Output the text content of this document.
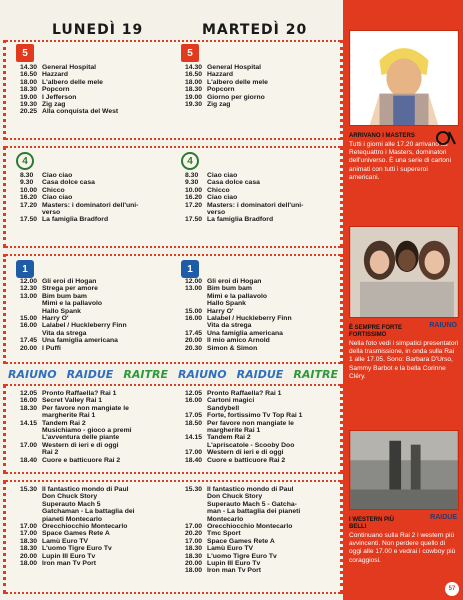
LUNEDÌ 19	MARTEDÌ 20
5	5
14.30 General Hospital
16.50 Hazzard
18.00 L'albero delle mele
18.30 Popcorn
19.00 I Jefferson
19.30 Zig zag
20.25 Alla conquista del West
14.30 General Hospital
16.50 Hazzard
18.00 L'albero delle mele
18.30 Popcorn
19.00 Giorno per giorno
19.30 Zig zag
4	4
8.30	Ciao ciao
9.30	Casa dolce casa
10.00 Chicco
16.20 Ciao ciao
17.20 Masters: i dominatori dell'uni-
verso
17.50 La famiglia Bradford
8.30	Ciao ciao
9.30	Casa dolce casa
10.00 Chicco
16.20 Ciao ciao
17.20 Masters: i dominatori dell'uni-
verso
17.50 La famiglia Bradford
1	1
12.00 Gli eroi di Hogan
12.30 Strega per amore
13.00 Bim bum bam
Mimì e la pallavolo
Hallo Spank
15.00 Harry O'
16.00 Lalabel / Huckleberry Finn
Vita da strega
17.45 Una famiglia americana
20.00 I Puffi
12.00 Gli eroi di Hogan
13.00 Bim bum bam
Mimì e la pallavolo
Hallo Spank
15.00 Harry O'
16.00 Lalabel / Huckleberry Finn
Vita da strega
17.45 Una famiglia americana
20.00 Il mio amico Arnold
20.30 Simon & Simon
RAIUNO RAIDUE RAITRE RAIUNO RAIDUE RAITRE
12.05 Pronto Raffaella? Rai 1
16.00 Secret Valley Rai 1
18.30 Per favore non mangiate le
margherite Rai 1
14.15 Tandem Rai 2
Musichiamo - gioco a premi
L'avventura delle piante
17.00 Western di ieri e di oggi
Rai 2
18.40 Cuore e batticuore Rai 2
12.05 Pronto Raffaella? Rai 1
16.00 Cartoni magici
Sandybell
17.05 Forte, fortissimo Tv Top Rai 1
18.50 Per favore non mangiate le
margherite Rai 1
14.15 Tandem Rai 2
L'apriscatole - Scooby Doo
17.00 Western di ieri e di oggi
18.40 Cuore e batticuore Rai 2
15.30 Il fantastico mondo di Paul
Don Chuck Story
Superauto Mach 5
Gatchaman - La battaglia dei
pianeti Montecarlo
17.00 Orecchiocchio Montecarlo
17.00 Space Games Rete A
18.30 Lamù Euro TV
18.30 L'uomo Tigre Euro Tv
20.00 Lupin III Euro Tv
18.00 Iron man Tv Port
15.30 Il fantastico mondo di Paul
Don Chuck Story
Superauto Mach 5 - Gatcha-
man - La battaglia dei pianeti
Montecarlo
17.00 Orecchiocchio Montecarlo
20.20 Tmc Sport
17.00 Space Games Rete A
18.30 Lamù Euro TV
18.30 L'uomo Tigre Euro Tv
20.00 Lupin III Euro Tv
18.00 Iron man Tv Port
ARRIVANO I MASTERS
Tutti i giorni alle 17.20 arrivano su Retequattro i Masters, dominatori dell'universo. È una serie di cartoni animati con tutti i supereroi americani.
È SEMPRE FORTE FORTISSIMO
RAIUNO
Nella foto vedi i simpatici presentatori della trasmissione, in onda sulla Rai 1 alle 17.05. Sono: Barbara D'Urso, Sammy Barbot e la bella Corinne Cléry.
I WESTERN PIÙ BELLI
RAIDUE
Continuano sulla Rai 2 i western più avvincenti. Non perdere quello di oggi alle 17.00 e vedrai i cowboy più coraggiosi.
57
